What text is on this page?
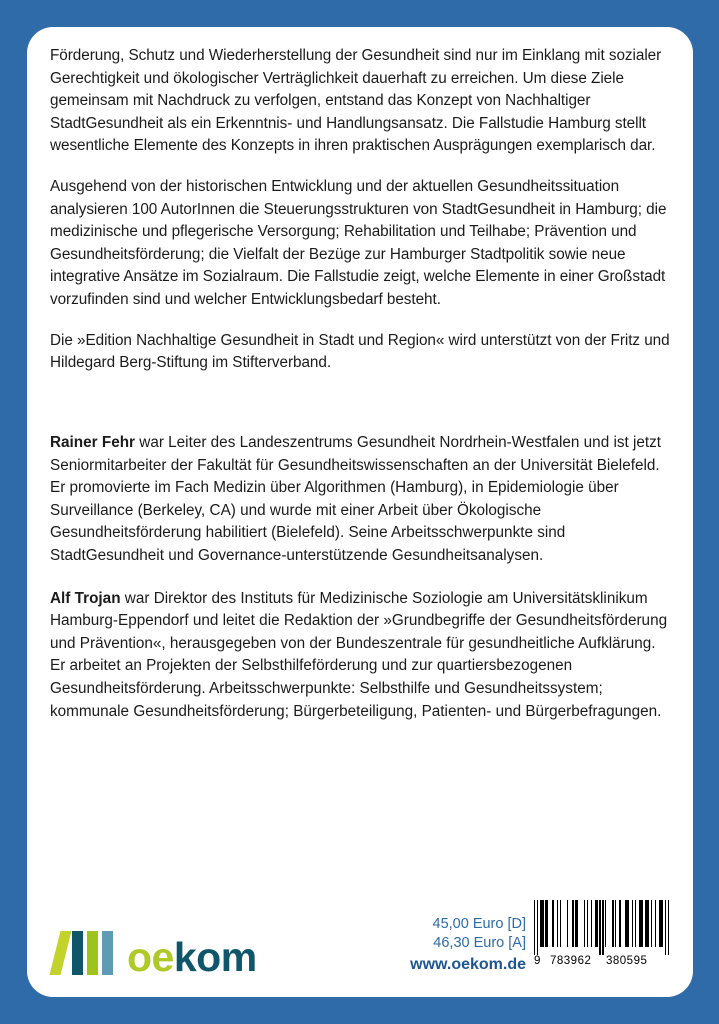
Förderung, Schutz und Wiederherstellung der Gesundheit sind nur im Einklang mit sozialer Gerechtigkeit und ökologischer Verträglichkeit dauerhaft zu erreichen. Um diese Ziele gemeinsam mit Nachdruck zu verfolgen, entstand das Konzept von Nachhaltiger StadtGesundheit als ein Erkenntnis- und Handlungsansatz. Die Fallstudie Hamburg stellt wesentliche Elemente des Konzepts in ihren praktischen Ausprägungen exemplarisch dar.

Ausgehend von der historischen Entwicklung und der aktuellen Gesundheitssituation analysieren 100 AutorInnen die Steuerungsstrukturen von StadtGesundheit in Hamburg; die medizinische und pflegerische Versorgung; Rehabilitation und Teilhabe; Prävention und Gesundheitsförderung; die Vielfalt der Bezüge zur Hamburger Stadtpolitik sowie neue integrative Ansätze im Sozialraum. Die Fallstudie zeigt, welche Elemente in einer Großstadt vorzufinden sind und welcher Entwicklungsbedarf besteht.

Die »Edition Nachhaltige Gesundheit in Stadt und Region« wird unterstützt von der Fritz und Hildegard Berg-Stiftung im Stifterverband.

Rainer Fehr war Leiter des Landeszentrums Gesundheit Nordrhein-Westfalen und ist jetzt Seniormitarbeiter der Fakultät für Gesundheitswissenschaften an der Universität Bielefeld. Er promovierte im Fach Medizin über Algorithmen (Hamburg), in Epidemiologie über Surveillance (Berkeley, CA) und wurde mit einer Arbeit über Ökologische Gesundheitsförderung habilitiert (Bielefeld). Seine Arbeitsschwerpunkte sind StadtGesundheit und Governance-unterstützende Gesundheitsanalysen.

Alf Trojan war Direktor des Instituts für Medizinische Soziologie am Universitätsklinikum Hamburg-Eppendorf und leitet die Redaktion der »Grundbegriffe der Gesundheitsförderung und Prävention«, herausgegeben von der Bundeszentrale für gesundheitliche Aufklärung. Er arbeitet an Projekten der Selbsthilfeförderung und zur quartiersbezogenen Gesundheitsförderung. Arbeitsschwerpunkte: Selbsthilfe und Gesundheitssystem; kommunale Gesundheitsförderung; Bürgerbeteiligung, Patienten- und Bürgerbefragungen.

oekom
45,00 Euro [D]
46,30 Euro [A]
www.oekom.de 9 783962 380595
